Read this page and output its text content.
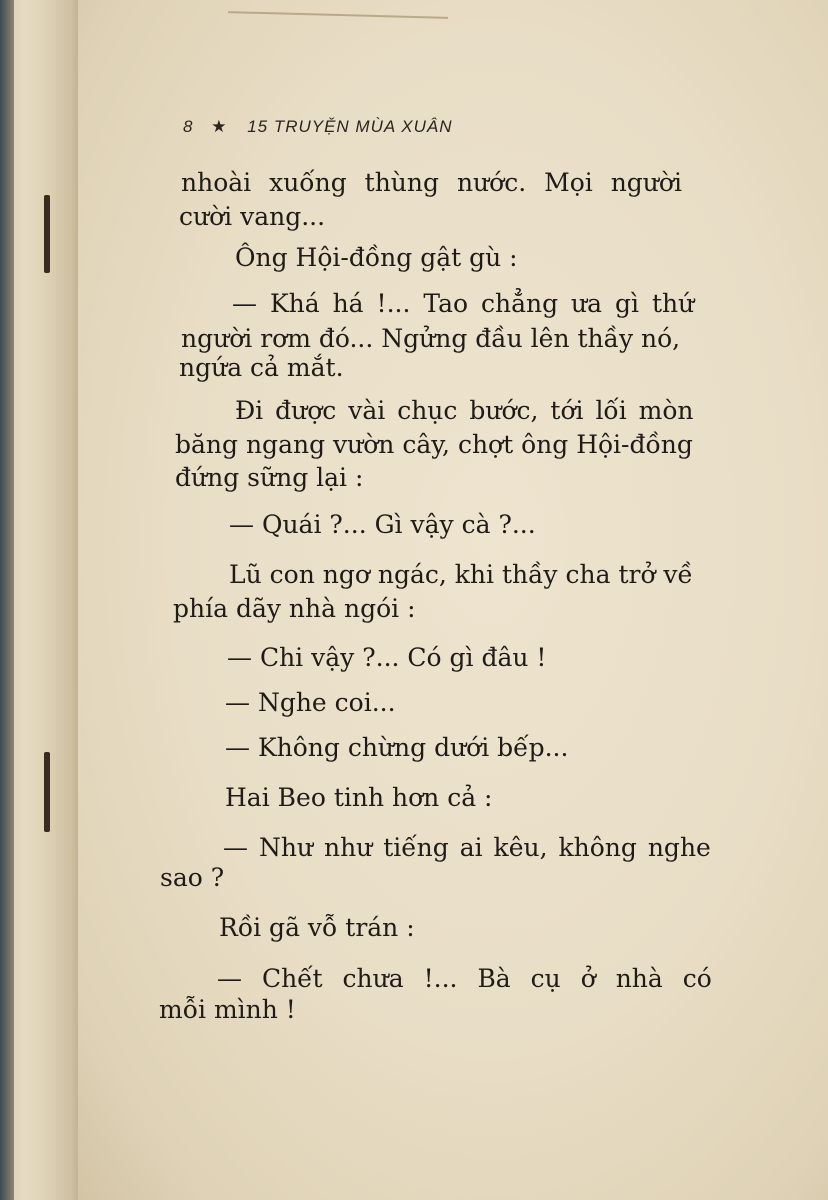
8 ★ 15 TRUYỆN MÙA XUÂN
nhoài xuống thùng nước. Mọi người
cười vang...
Ông Hội-đồng gật gù :
— Khá há !... Tao chẳng ưa gì thứ
người rơm đó... Ngửng đầu lên thầy nó,
ngứa cả mắt.
Đi được vài chục bước, tới lối mòn
băng ngang vườn cây, chợt ông Hội-đồng
đứng sững lại :
— Quái ?... Gì vậy cà ?...
Lũ con ngơ ngác, khi thầy cha trở về
phía dãy nhà ngói :
— Chi vậy ?... Có gì đâu !
— Nghe coi...
— Không chừng dưới bếp...
Hai Beo tinh hơn cả :
— Như như tiếng ai kêu, không nghe
sao ?
Rồi gã vỗ trán :
— Chết chưa !... Bà cụ ở nhà có
mỗi mình !
